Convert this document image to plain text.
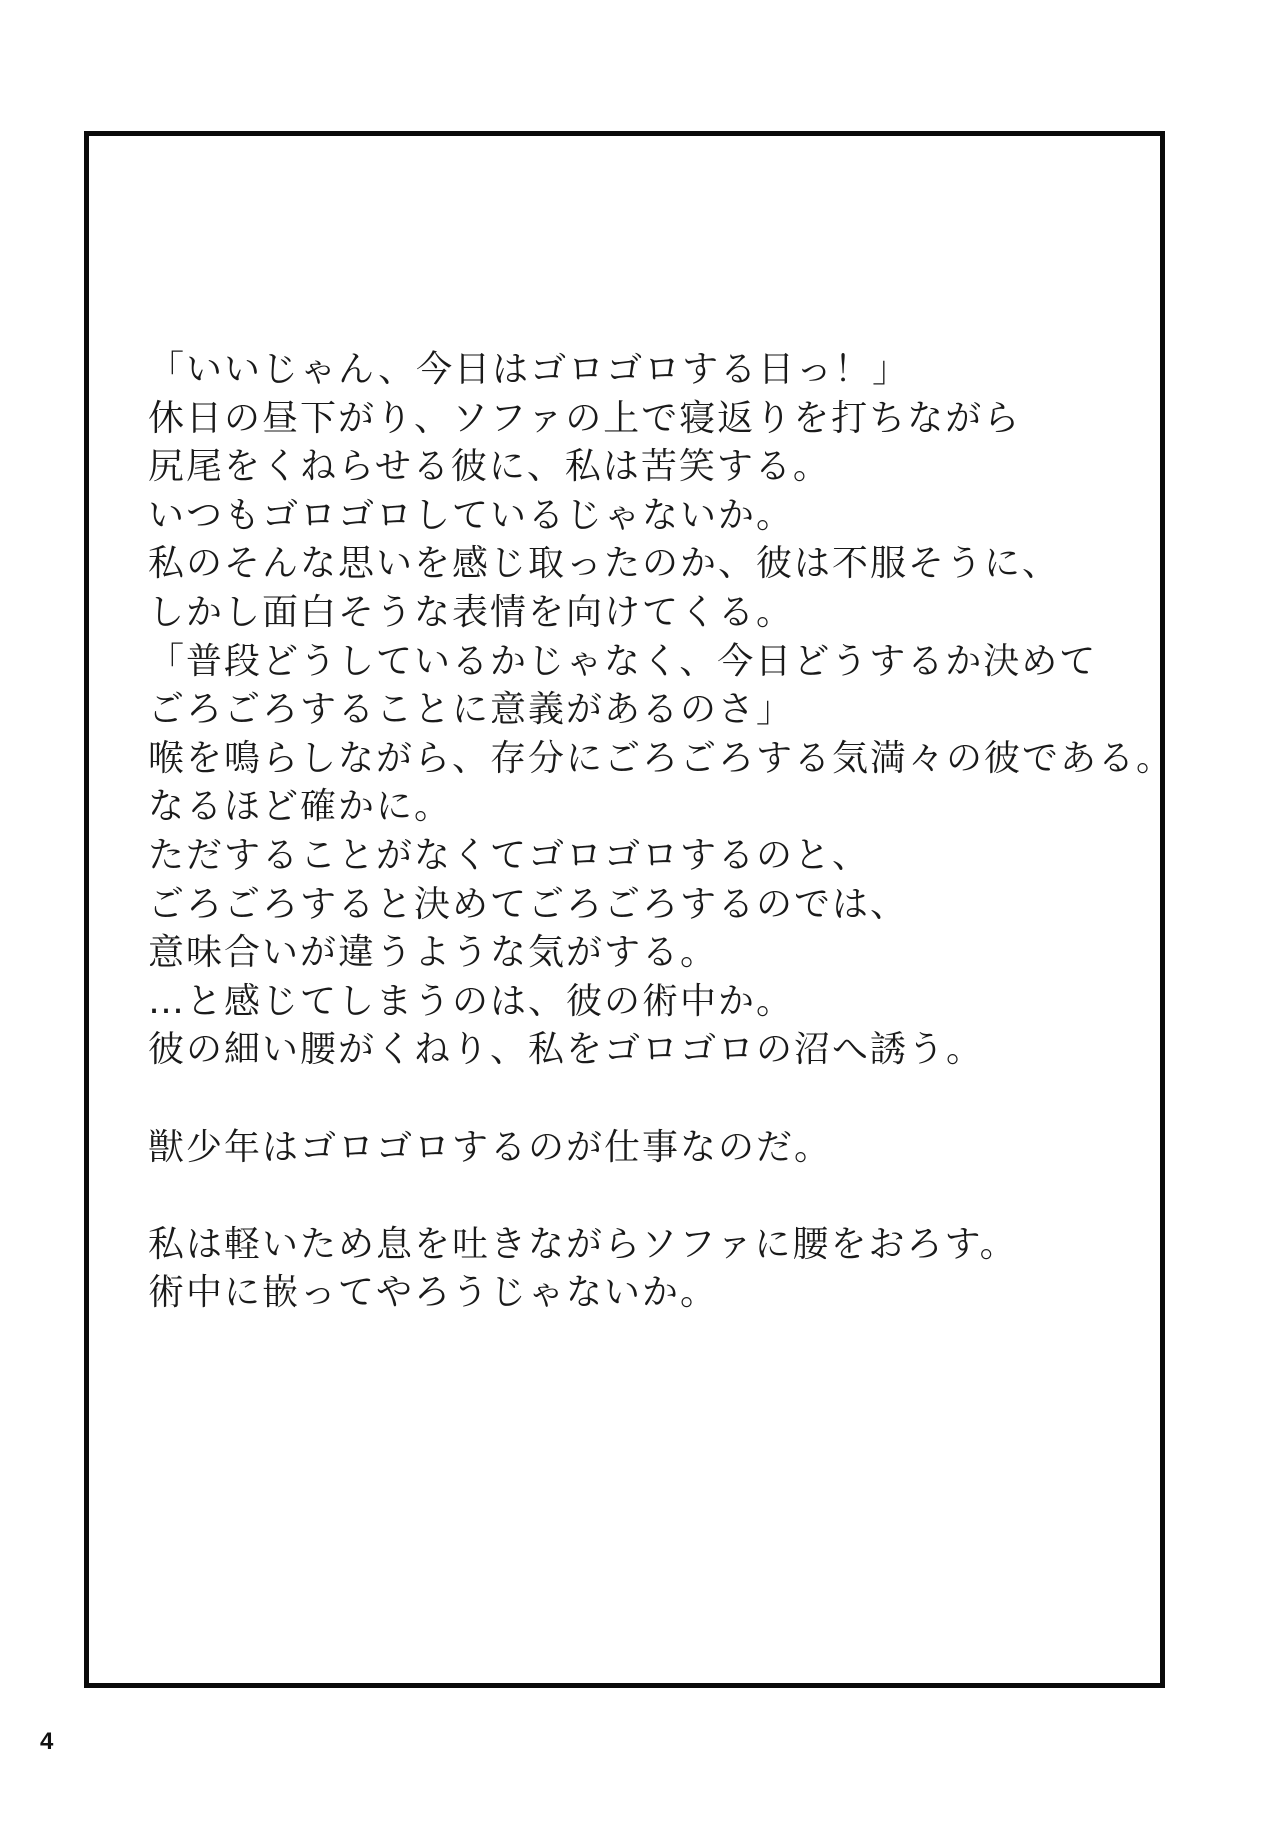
「いいじゃん、今日はゴロゴロする日っ！」
休日の昼下がり、ソファの上で寝返りを打ちながら
尻尾をくねらせる彼に、私は苦笑する。
いつもゴロゴロしているじゃないか。
私のそんな思いを感じ取ったのか、彼は不服そうに、
しかし面白そうな表情を向けてくる。
「普段どうしているかじゃなく、今日どうするか決めて
ごろごろすることに意義があるのさ」
喉を鳴らしながら、存分にごろごろする気満々の彼である。
なるほど確かに。
ただすることがなくてゴロゴロするのと、
ごろごろすると決めてごろごろするのでは、
意味合いが違うような気がする。
…と感じてしまうのは、彼の術中か。
彼の細い腰がくねり、私をゴロゴロの沼へ誘う。
獣少年はゴロゴロするのが仕事なのだ。
私は軽いため息を吐きながらソファに腰をおろす。
術中に嵌ってやろうじゃないか。
4
